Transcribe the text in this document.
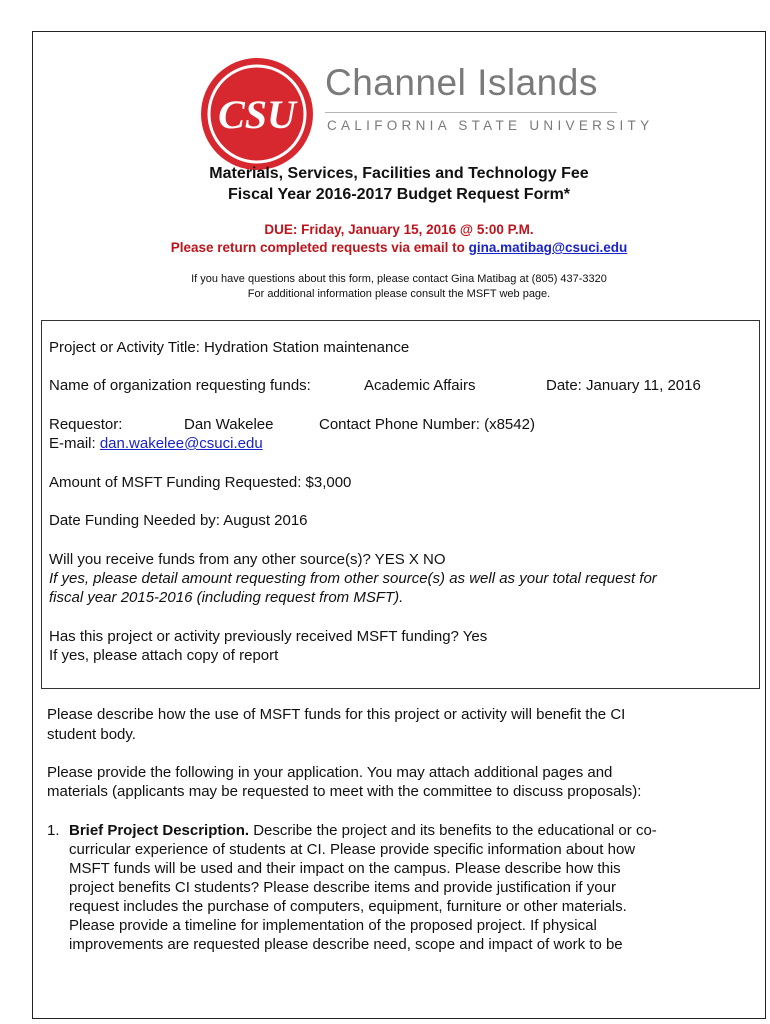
CSU
Channel Islands
CALIFORNIA STATE UNIVERSITY
Materials, Services, Facilities and Technology Fee
Fiscal Year 2016-2017 Budget Request Form*
DUE: Friday, January 15, 2016 @ 5:00 P.M.
Please return completed requests via email to gina.matibag@csuci.edu
If you have questions about this form, please contact Gina Matibag at (805) 437-3320
For additional information please consult the MSFT web page.
Project or Activity Title: Hydration Station maintenance
Name of organization requesting funds:	Academic Affairs	Date: January 11, 2016
Requestor:	Dan Wakelee	Contact Phone Number: (x8542)
E-mail: dan.wakelee@csuci.edu
Amount of MSFT Funding Requested: $3,000
Date Funding Needed by: August 2016
Will you receive funds from any other source(s)? YES X NO
If yes, please detail amount requesting from other source(s) as well as your total request for
fiscal year 2015-2016 (including request from MSFT).
Has this project or activity previously received MSFT funding? Yes
If yes, please attach copy of report
Please describe how the use of MSFT funds for this project or activity will benefit the CI
student body.
Please provide the following in your application. You may attach additional pages and
materials (applicants may be requested to meet with the committee to discuss proposals):
1. Brief Project Description. Describe the project and its benefits to the educational or co-
curricular experience of students at CI. Please provide specific information about how
MSFT funds will be used and their impact on the campus. Please describe how this
project benefits CI students? Please describe items and provide justification if your
request includes the purchase of computers, equipment, furniture or other materials.
Please provide a timeline for implementation of the proposed project. If physical
improvements are requested please describe need, scope and impact of work to be
